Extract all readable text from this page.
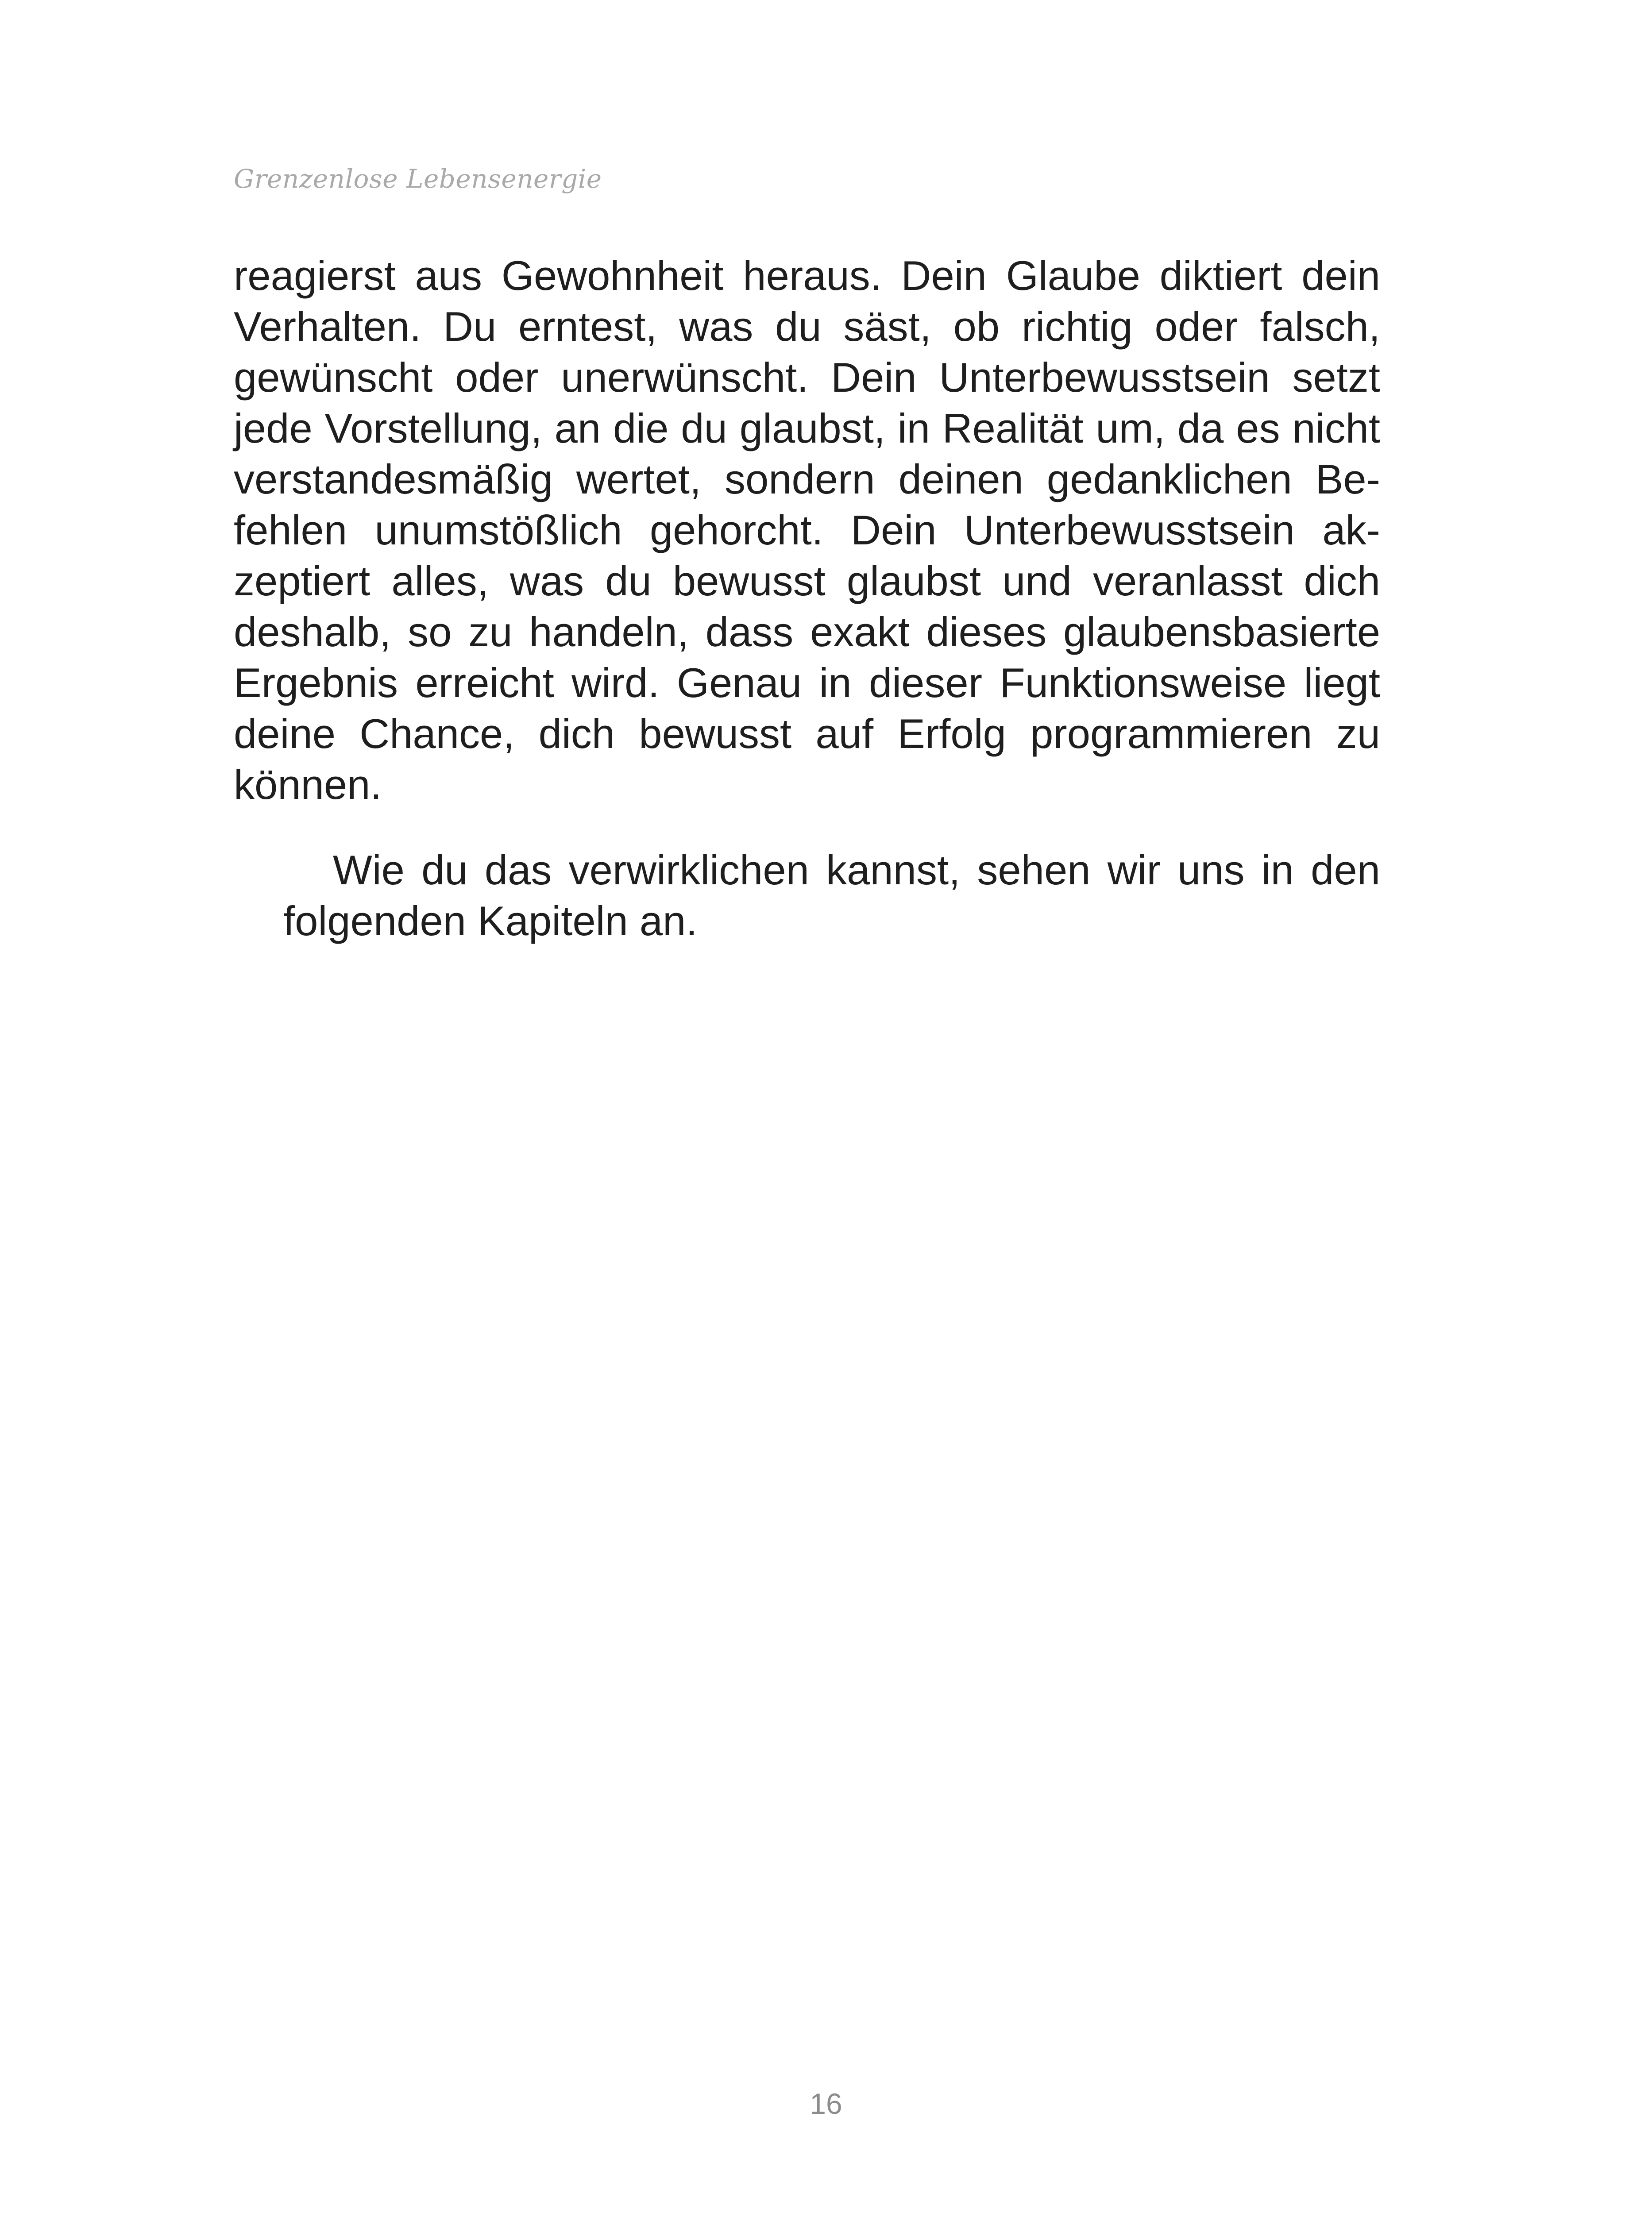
Grenzenlose Lebensenergie

reagierst aus Gewohnheit heraus. Dein Glaube diktiert dein
Verhalten. Du erntest, was du säst, ob richtig oder falsch,
gewünscht oder unerwünscht. Dein Unterbewusstsein setzt
jede Vorstellung, an die du glaubst, in Realität um, da es nicht
verstandesmäßig wertet, sondern deinen gedanklichen Be-
fehlen unumstößlich gehorcht. Dein Unterbewusstsein ak-
zeptiert alles, was du bewusst glaubst und veranlasst dich
deshalb, so zu handeln, dass exakt dieses glaubensbasierte
Ergebnis erreicht wird. Genau in dieser Funktionsweise liegt
deine Chance, dich bewusst auf Erfolg programmieren zu
können.

Wie du das verwirklichen kannst, sehen wir uns in den
folgenden Kapiteln an.

16
